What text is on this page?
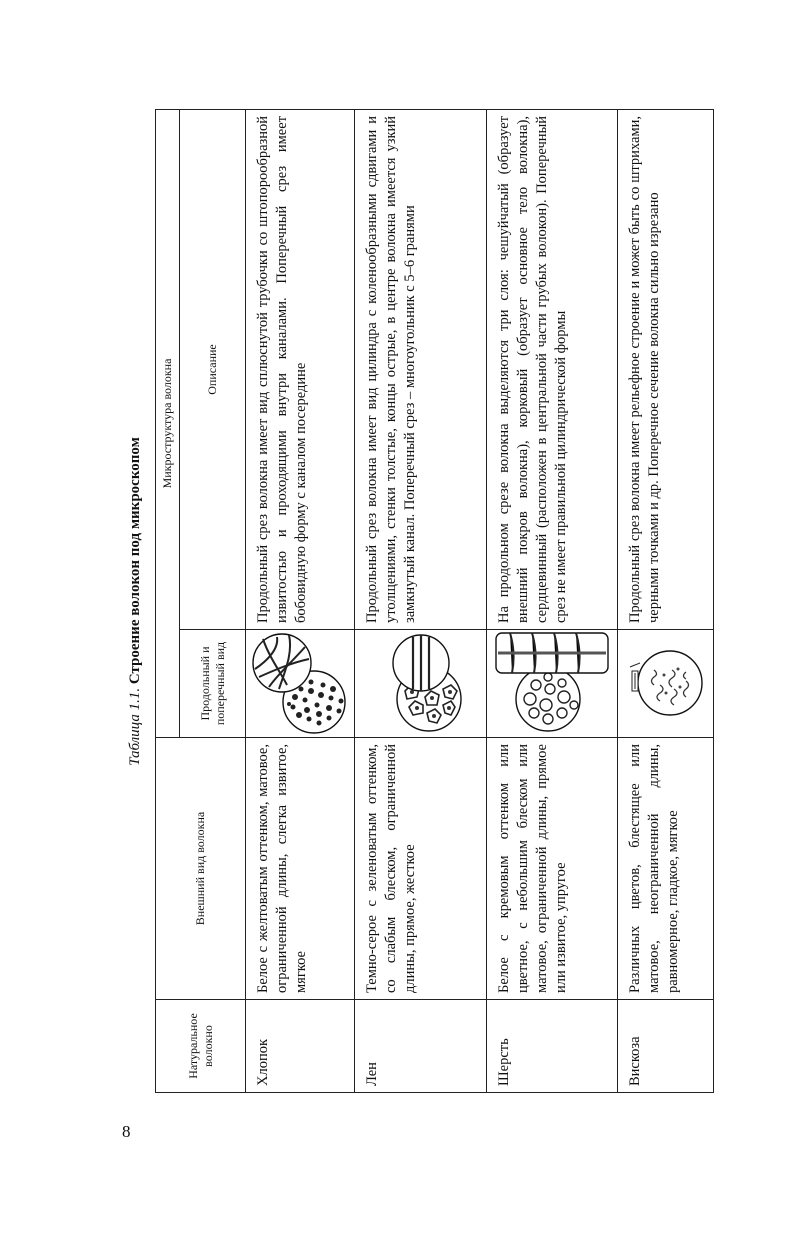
8
Таблица 1.1. Строение волокон под микроскопом
Натуральное волокно	Внешний вид волокна	Микроструктура волокна	
		Продольный и поперечный вид	Описание
Хлопок	Белое с желтоватым оттенком, матовое, ограниченной длины, слегка извитое, мягкое		Продольный срез волокна имеет вид сплюснутой трубочки со штопорообразной извитостью и проходящими внутри каналами. Поперечный срез имеет бобовидную форму с каналом посередине
Лен	Темно-серое с зеленоватым оттенком, со слабым блеском, ограниченной длины, прямое, жесткое		Продольный срез волокна имеет вид цилиндра с коленообразными сдвигами и утолщениями, стенки толстые, концы острые, в центре волокна имеется узкий замкнутый канал. Поперечный срез – многоугольник с 5–6 гранями
Шерсть	Белое с кремовым оттенком или цветное, с небольшим блеском или матовое, ограниченной длины, прямое или извитое, упругое		На продольном срезе волокна выделяются три слоя: чешуйчатый (образует внешний покров волокна), корковый (образует основное тело волокна), сердцевинный (расположен в центральной части грубых волокон). Поперечный срез не имеет правильной цилиндрической формы
Вискоза	Различных цветов, блестящее или матовое, неограниченной длины, равномерное, гладкое, мягкое		Продольный срез волокна имеет рельефное строение и может быть со штрихами, черными точками и др. Поперечное сечение волокна сильно изрезано
